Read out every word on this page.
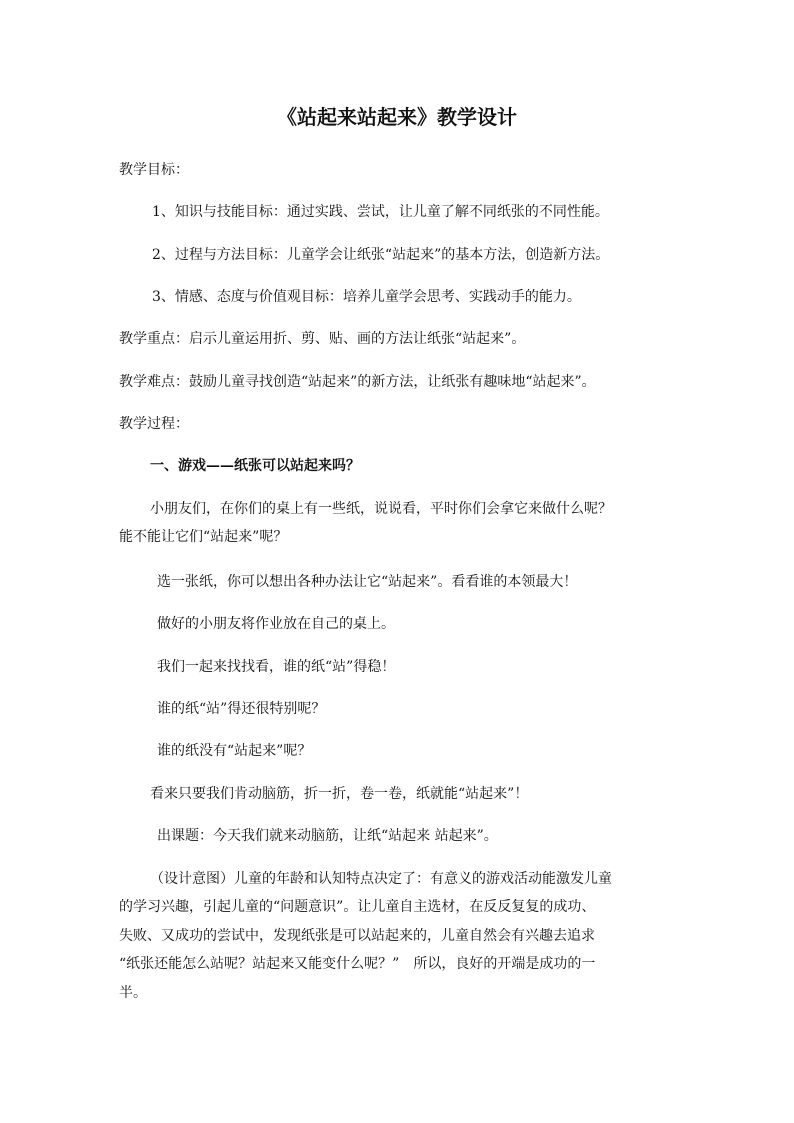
《站起来站起来》教学设计
教学目标：
1、知识与技能目标：通过实践、尝试，让儿童了解不同纸张的不同性能。
2、过程与方法目标：儿童学会让纸张“站起来”的基本方法，创造新方法。
3、情感、态度与价值观目标：培养儿童学会思考、实践动手的能力。
教学重点：启示儿童运用折、剪、贴、画的方法让纸张“站起来”。
教学难点：鼓励儿童寻找创造“站起来”的新方法，让纸张有趣味地“站起来”。
教学过程：
一、游戏——纸张可以站起来吗？
小朋友们，在你们的桌上有一些纸，说说看，平时你们会拿它来做什么呢？
能不能让它们“站起来”呢？
选一张纸，你可以想出各种办法让它“站起来”。看看谁的本领最大！
做好的小朋友将作业放在自己的桌上。
我们一起来找找看，谁的纸“站”得稳！
谁的纸“站”得还很特别呢？
谁的纸没有“站起来”呢？
看来只要我们肯动脑筋，折一折，卷一卷，纸就能“站起来”！
出课题：今天我们就来动脑筋，让纸“站起来 站起来”。
（设计意图）儿童的年龄和认知特点决定了：有意义的游戏活动能激发儿童
的学习兴趣，引起儿童的“问题意识”。让儿童自主选材，在反反复复的成功、
失败、又成功的尝试中，发现纸张是可以站起来的，儿童自然会有兴趣去追求
“纸张还能怎么站呢？站起来又能变什么呢？”　所以，良好的开端是成功的一
半。
